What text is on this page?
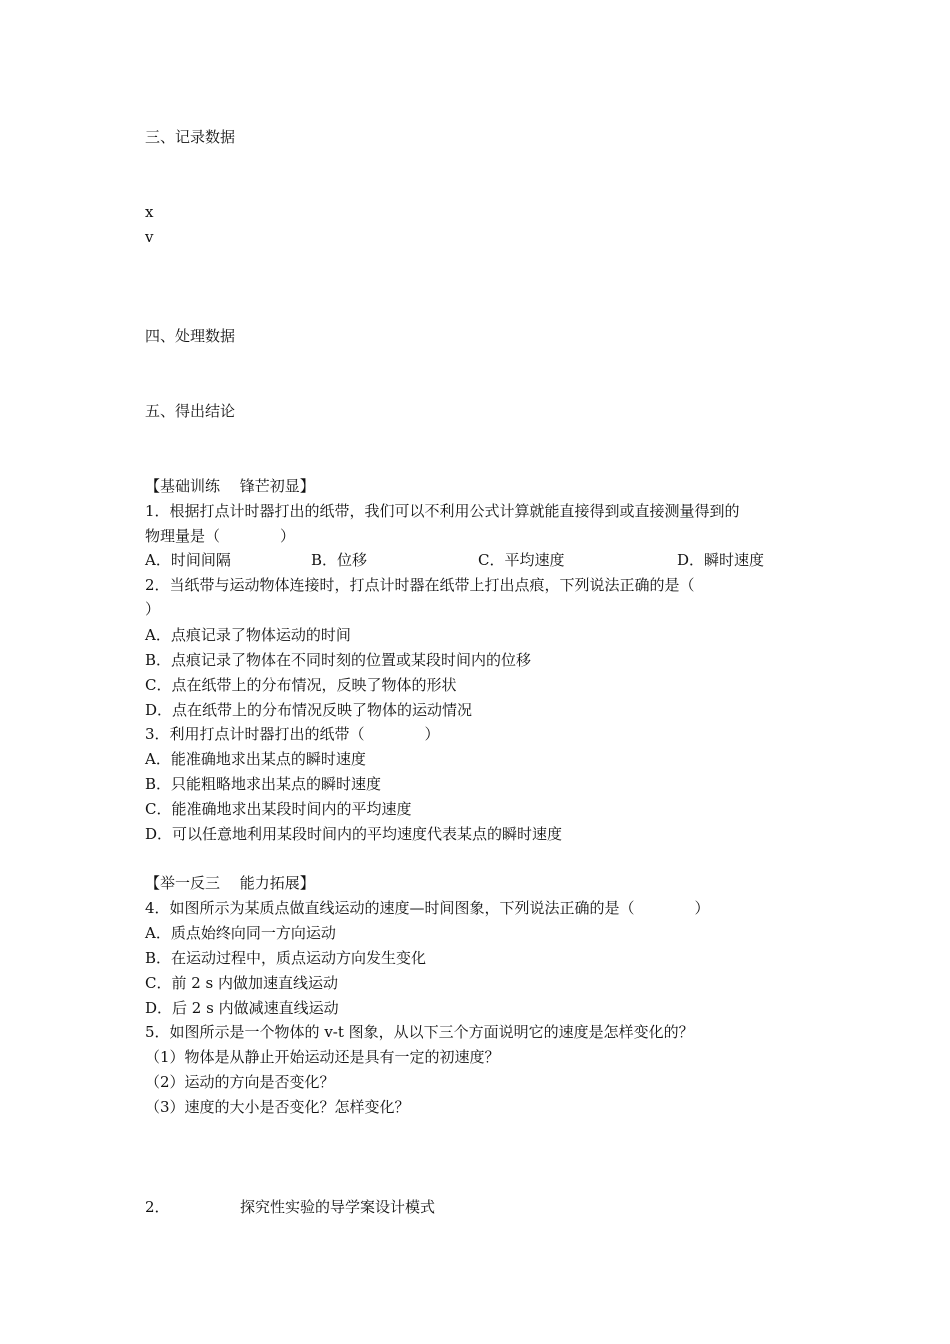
三、记录数据
x
v
四、处理数据
五、得出结论
【基础训练　 锋芒初显】
1．根据打点计时器打出的纸带，我们可以不利用公式计算就能直接得到或直接测量得到的
物理量是（　　　　）
A．时间间隔	B．位移	C．平均速度	D．瞬时速度
2．当纸带与运动物体连接时，打点计时器在纸带上打出点痕，下列说法正确的是（
）
A．点痕记录了物体运动的时间
B．点痕记录了物体在不同时刻的位置或某段时间内的位移
C．点在纸带上的分布情况，反映了物体的形状
D．点在纸带上的分布情况反映了物体的运动情况
3．利用打点计时器打出的纸带（　　　　）
A．能准确地求出某点的瞬时速度
B．只能粗略地求出某点的瞬时速度
C．能准确地求出某段时间内的平均速度
D．可以任意地利用某段时间内的平均速度代表某点的瞬时速度
【举一反三　 能力拓展】
4．如图所示为某质点做直线运动的速度—时间图象，下列说法正确的是（　　　　）
A．质点始终向同一方向运动
B．在运动过程中，质点运动方向发生变化
C．前 2 s 内做加速直线运动
D．后 2 s 内做减速直线运动
5．如图所示是一个物体的 v-t 图象，从以下三个方面说明它的速度是怎样变化的？
（1）物体是从静止开始运动还是具有一定的初速度？
（2）运动的方向是否变化？
（3）速度的大小是否变化？怎样变化？
2．	探究性实验的导学案设计模式
